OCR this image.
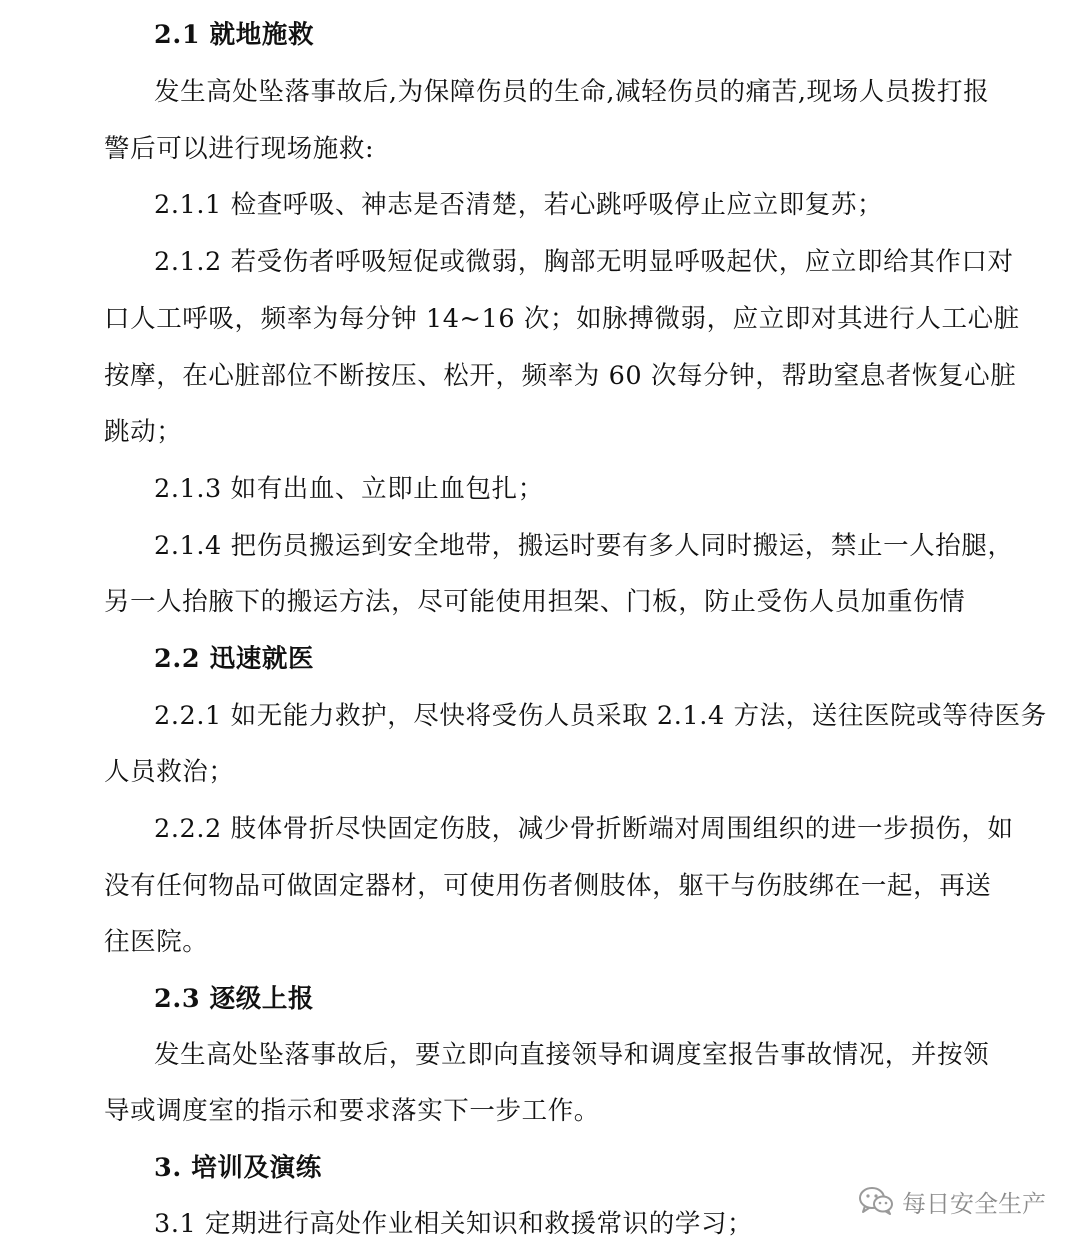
2.1 就地施救
发生高处坠落事故后,为保障伤员的生命,减轻伤员的痛苦,现场人员拨打报
警后可以进行现场施救:
2.1.1 检查呼吸、神志是否清楚，若心跳呼吸停止应立即复苏；
2.1.2 若受伤者呼吸短促或微弱，胸部无明显呼吸起伏，应立即给其作口对
口人工呼吸，频率为每分钟 14~16 次；如脉搏微弱，应立即对其进行人工心脏
按摩，在心脏部位不断按压、松开，频率为 60 次每分钟，帮助窒息者恢复心脏
跳动；
2.1.3 如有出血、立即止血包扎；
2.1.4 把伤员搬运到安全地带，搬运时要有多人同时搬运，禁止一人抬腿，
另一人抬腋下的搬运方法，尽可能使用担架、门板，防止受伤人员加重伤情
2.2 迅速就医
2.2.1 如无能力救护，尽快将受伤人员采取 2.1.4 方法，送往医院或等待医务
人员救治；
2.2.2 肢体骨折尽快固定伤肢，减少骨折断端对周围组织的进一步损伤，如
没有任何物品可做固定器材，可使用伤者侧肢体，躯干与伤肢绑在一起，再送
往医院。
2.3 逐级上报
发生高处坠落事故后，要立即向直接领导和调度室报告事故情况，并按领
导或调度室的指示和要求落实下一步工作。
3. 培训及演练
3.1 定期进行高处作业相关知识和救援常识的学习；
每日安全生产
